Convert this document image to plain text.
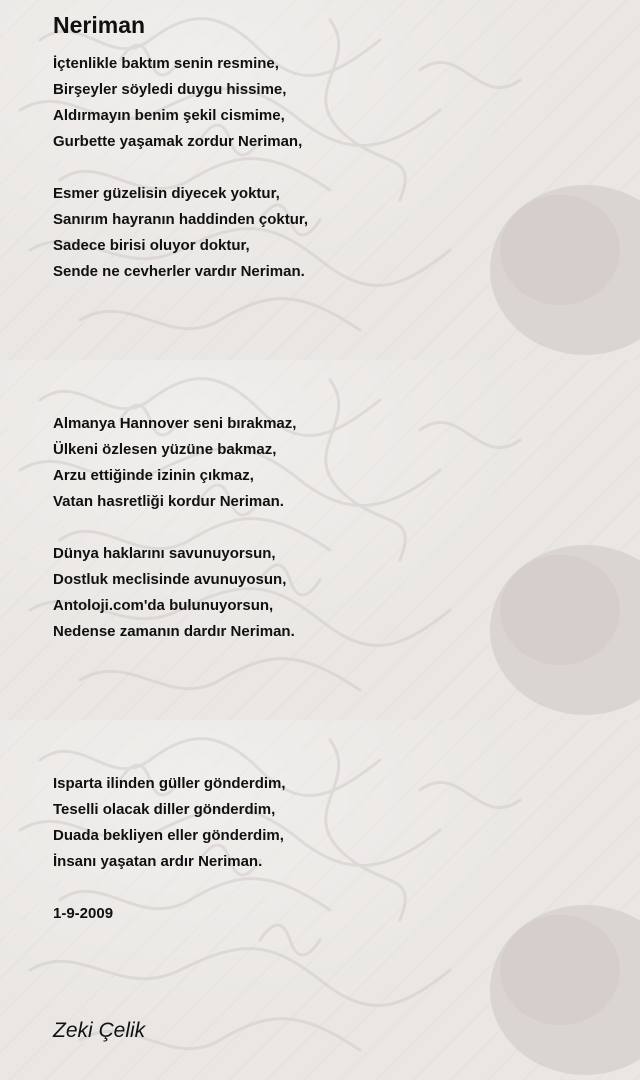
Neriman
İçtenlikle baktım senin resmine,
Birşeyler söyledi duygu hissime,
Aldırmayın benim şekil cismime,
Gurbette yaşamak zordur Neriman,
Esmer güzelisin diyecek yoktur,
Sanırım hayranın haddinden çoktur,
Sadece birisi oluyor doktur,
Sende ne cevherler vardır Neriman.
Almanya Hannover seni bırakmaz,
Ülkeni özlesen yüzüne bakmaz,
Arzu ettiğinde izinin çıkmaz,
Vatan hasretliği kordur Neriman.
Dünya haklarını savunuyorsun,
Dostluk meclisinde avunuyosun,
Antoloji.com'da bulunuyorsun,
Nedense zamanın dardır Neriman.
Isparta ilinden güller gönderdim,
Teselli olacak diller gönderdim,
Duada bekliyen eller gönderdim,
İnsanı yaşatan ardır Neriman.
1-9-2009
Zeki Çelik
